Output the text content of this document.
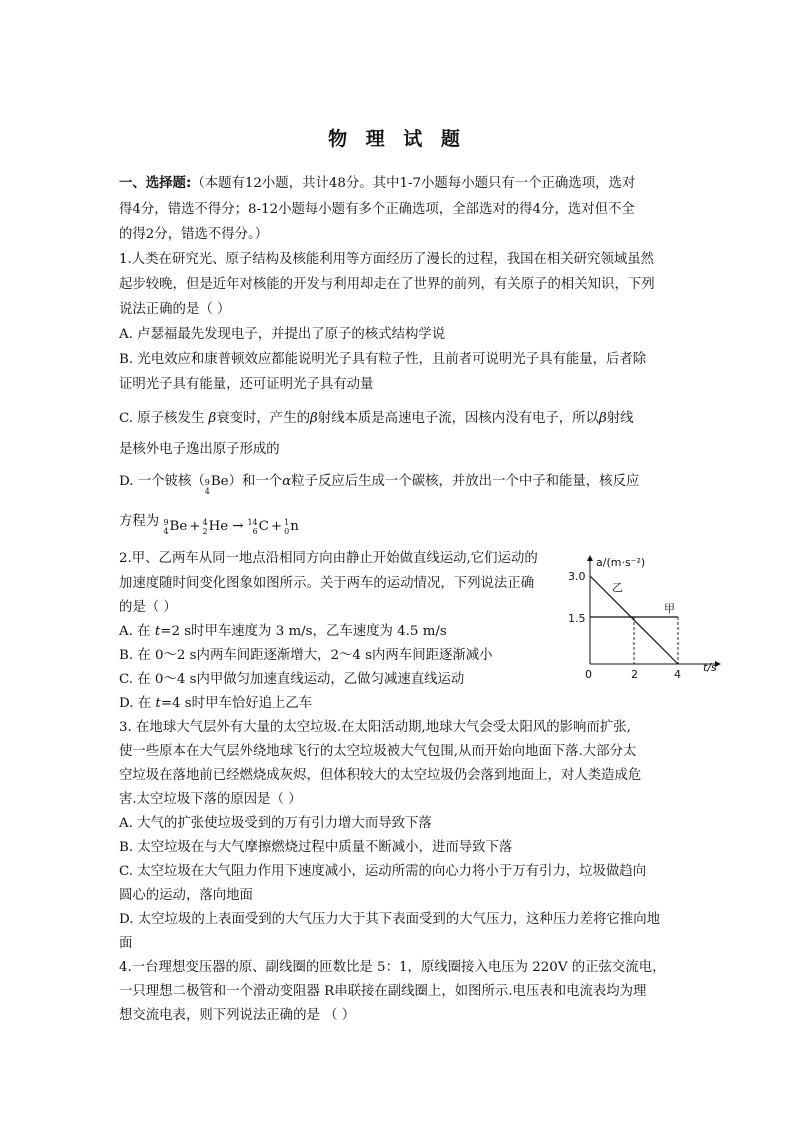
物 理 试 题
一、选择题:（本题有12小题，共计48分。其中1-7小题每小题只有一个正确选项，选对
得4分，错选不得分；8-12小题每小题有多个正确选项，全部选对的得4分，选对但不全
的得2分，错选不得分。）
1.人类在研究光、原子结构及核能利用等方面经历了漫长的过程，我国在相关研究领域虽然
起步较晚，但是近年对核能的开发与利用却走在了世界的前列，有关原子的相关知识，下列
说法正确的是（ ）
A. 卢瑟福最先发现电子，并提出了原子的核式结构学说
B. 光电效应和康普顿效应都能说明光子具有粒子性，且前者可说明光子具有能量，后者除
证明光子具有能量，还可证明光子具有动量
C. 原子核发生 β衰变时，产生的β射线本质是高速电子流，因核内没有电子，所以β射线
是核外电子逸出原子形成的
D. 一个铍核（ 9
4
Be）和一个α粒子反应后生成一个碳核，并放出一个中子和能量，核反应
方程为 9
4 Be + 4
2 He → 14
6 C + 1
0 n
2.甲、乙两车从同一地点沿相同方向由静止开始做直线运动,它们运动的
加速度随时间变化图象如图所示。关于两车的运动情况，下列说法正确
的是（ ）
A. 在 t=2 s时甲车速度为 3 m/s，乙车速度为 4.5 m/s
B. 在 0～2 s内两车间距逐渐增大，2～4 s内两车间距逐渐减小
C. 在 0～4 s内甲做匀加速直线运动，乙做匀减速直线运动
D. 在 t=4 s时甲车恰好追上乙车
a/(m·s⁻²)
t/s
3.0
1.5
0	2	4
乙
甲
3. 在地球大气层外有大量的太空垃圾.在太阳活动期,地球大气会受太阳风的影响而扩张,
使一些原本在大气层外绕地球飞行的太空垃圾被大气包围,从而开始向地面下落.大部分太
空垃圾在落地前已经燃烧成灰烬，但体积较大的太空垃圾仍会落到地面上，对人类造成危
害.太空垃圾下落的原因是（ ）
A. 大气的扩张使垃圾受到的万有引力增大而导致下落
B. 太空垃圾在与大气摩擦燃烧过程中质量不断减小，进而导致下落
C. 太空垃圾在大气阻力作用下速度减小，运动所需的向心力将小于万有引力，垃圾做趋向
圆心的运动，落向地面
D. 太空垃圾的上表面受到的大气压力大于其下表面受到的大气压力，这种压力差将它推向地
面
4.一台理想变压器的原、副线圈的匝数比是 5：1，原线圈接入电压为 220V 的正弦交流电，
一只理想二极管和一个滑动变阻器 R串联接在副线圈上，如图所示.电压表和电流表均为理
想交流电表，则下列说法正确的是 （ ）
